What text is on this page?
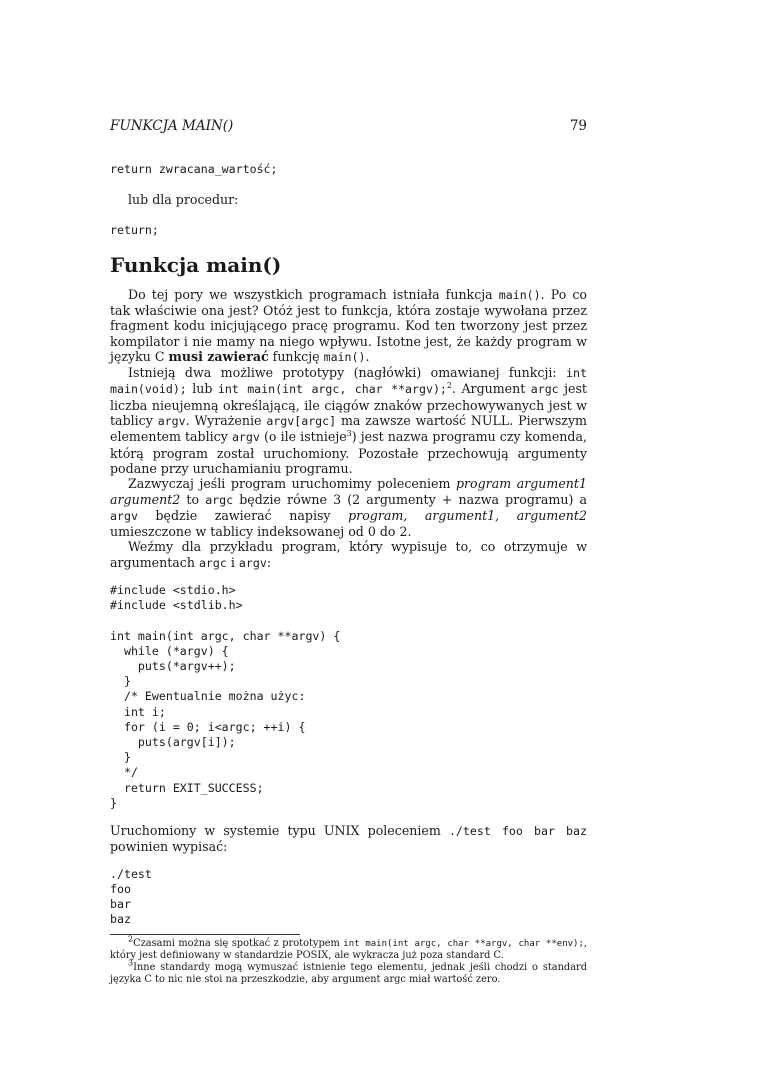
FUNKCJA MAIN()	79
return zwracana_wartość;

lub dla procedur:

return;
Funkcja main()

Do tej pory we wszystkich programach istniała funkcja main(). Po co tak właściwie ona jest? Otóż jest to funkcja, która zostaje wywołana przez fragment kodu inicjującego pracę programu. Kod ten tworzony jest przez kompilator i nie mamy na niego wpływu. Istotne jest, że każdy program w języku C musi zawierać funkcję main().

Istnieją dwa możliwe prototypy (nagłówki) omawianej funkcji: int main(void); lub int main(int argc, char **argv);$^2$. Argument argc jest liczba nieujemną określającą, ile ciągów znaków przechowywanych jest w tablicy argv. Wyrażenie argv[argc] ma zawsze wartość NULL. Pierwszym elementem tablicy argv (o ile istnieje$^3$) jest nazwa programu czy komenda, którą program został uruchomiony. Pozostałe przechowują argumenty podane przy uruchamianiu programu.

Zazwyczaj jeśli program uruchomimy poleceniem program argument1 argument2 to argc będzie równe 3 (2 argumenty + nazwa programu) a argv będzie zawierać napisy program, argument1, argument2 umieszczone w tablicy indeksowanej od 0 do 2.

Weźmy dla przykładu program, który wypisuje to, co otrzymuje w argumentach argc i argv:

#include <stdio.h>
#include <stdlib.h>

int main(int argc, char **argv) {
while (*argv) {
puts(*argv++);
}
/* Ewentualnie można użyc:
int i;
for (i = 0; i<argc; ++i) {
puts(argv[i]);
}
*/
return EXIT_SUCCESS;
}

Uruchomiony w systemie typu UNIX poleceniem ./test foo bar baz powinien wypisać:

./test
foo
bar
baz

$^2$Czasami można się spotkać z prototypem int main(int argc, char **argv, char **env);, który jest definiowany w standardzie POSIX, ale wykracza już poza standard C.

$^3$Inne standardy mogą wymuszać istnienie tego elementu, jednak jeśli chodzi o standard języka C to nic nie stoi na przeszkodzie, aby argument argc miał wartość zero.
